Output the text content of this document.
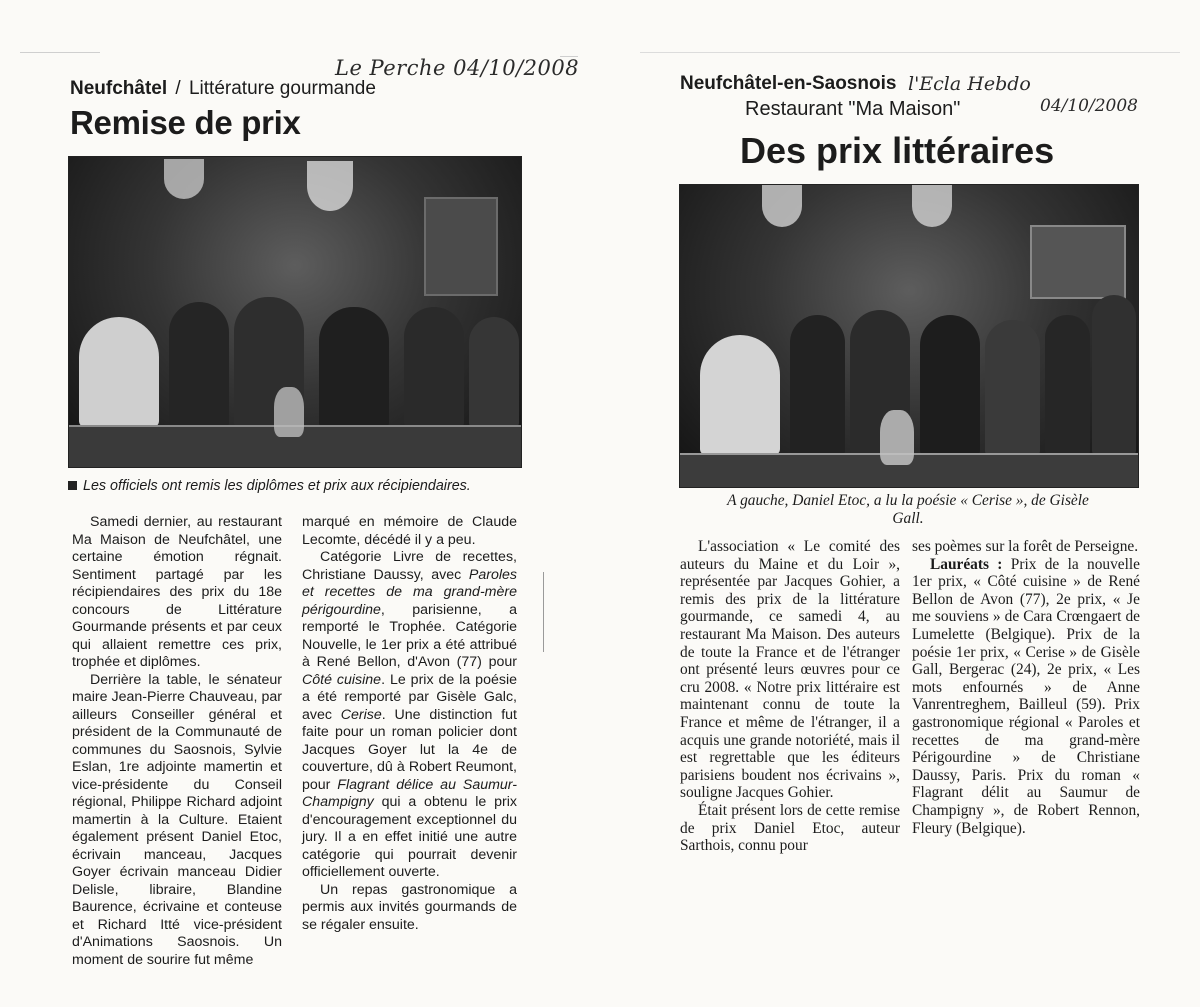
Le Perche 04/10/2008
Neufchâtel / Littérature gourmande
Remise de prix
Les officiels ont remis les diplômes et prix aux récipiendaires.

Samedi dernier, au restaurant Ma Maison de Neufchâtel, une certaine émotion régnait. Sentiment partagé par les récipiendaires des prix du 18e concours de Littérature Gourmande présents et par ceux qui allaient remettre ces prix, trophée et diplômes.

Derrière la table, le sénateur maire Jean-Pierre Chauveau, par ailleurs Conseiller général et président de la Communauté de communes du Saosnois, Sylvie Eslan, 1re adjointe mamertin et vice-présidente du Conseil régional, Philippe Richard adjoint mamertin à la Culture. Etaient également présent Daniel Etoc, écrivain manceau, Jacques Goyer écrivain manceau Didier Delisle, libraire, Blandine Baurence, écrivaine et conteuse et Richard Itté vice-président d'Animations Saosnois. Un moment de sourire fut même

marqué en mémoire de Claude Lecomte, décédé il y a peu.

Catégorie Livre de recettes, Christiane Daussy, avec Paroles et recettes de ma grand-mère périgourdine, parisienne, a remporté le Trophée. Catégorie Nouvelle, le 1er prix a été attribué à René Bellon, d'Avon (77) pour Côté cuisine. Le prix de la poésie a été remporté par Gisèle Galc, avec Cerise. Une distinction fut faite pour un roman policier dont Jacques Goyer lut la 4e de couverture, dû à Robert Reumont, pour Flagrant délice au Saumur-Champigny qui a obtenu le prix d'encouragement exceptionnel du jury. Il a en effet initié une autre catégorie qui pourrait devenir officiellement ouverte.

Un repas gastronomique a permis aux invités gourmands de se régaler ensuite.

Neufchâtel-en-Saosnois l'Ecla Hebdo
Restaurant "Ma Maison"	04/10/2008
Des prix littéraires
A gauche, Daniel Etoc, a lu la poésie « Cerise », de Gisèle
Gall.

L'association « Le comité des auteurs du Maine et du Loir », représentée par Jacques Gohier, a remis des prix de la littérature gourmande, ce samedi 4, au restaurant Ma Maison. Des auteurs de toute la France et de l'étranger ont présenté leurs œuvres pour ce cru 2008. « Notre prix littéraire est maintenant connu de toute la France et même de l'étranger, il a acquis une grande notoriété, mais il est regrettable que les éditeurs parisiens boudent nos écrivains », souligne Jacques Gohier.

Était présent lors de cette remise de prix Daniel Etoc, auteur Sarthois, connu pour

ses poèmes sur la forêt de Perseigne.

Lauréats : Prix de la nouvelle 1er prix, « Côté cuisine » de René Bellon de Avon (77), 2e prix, « Je me souviens » de Cara Crœngaert de Lumelette (Belgique). Prix de la poésie 1er prix, « Cerise » de Gisèle Gall, Bergerac (24), 2e prix, « Les mots enfournés » de Anne Vanrentreghem, Bailleul (59). Prix gastronomique régional « Paroles et recettes de ma grand-mère Périgourdine » de Christiane Daussy, Paris. Prix du roman « Flagrant délit au Saumur de Champigny », de Robert Rennon, Fleury (Belgique).
